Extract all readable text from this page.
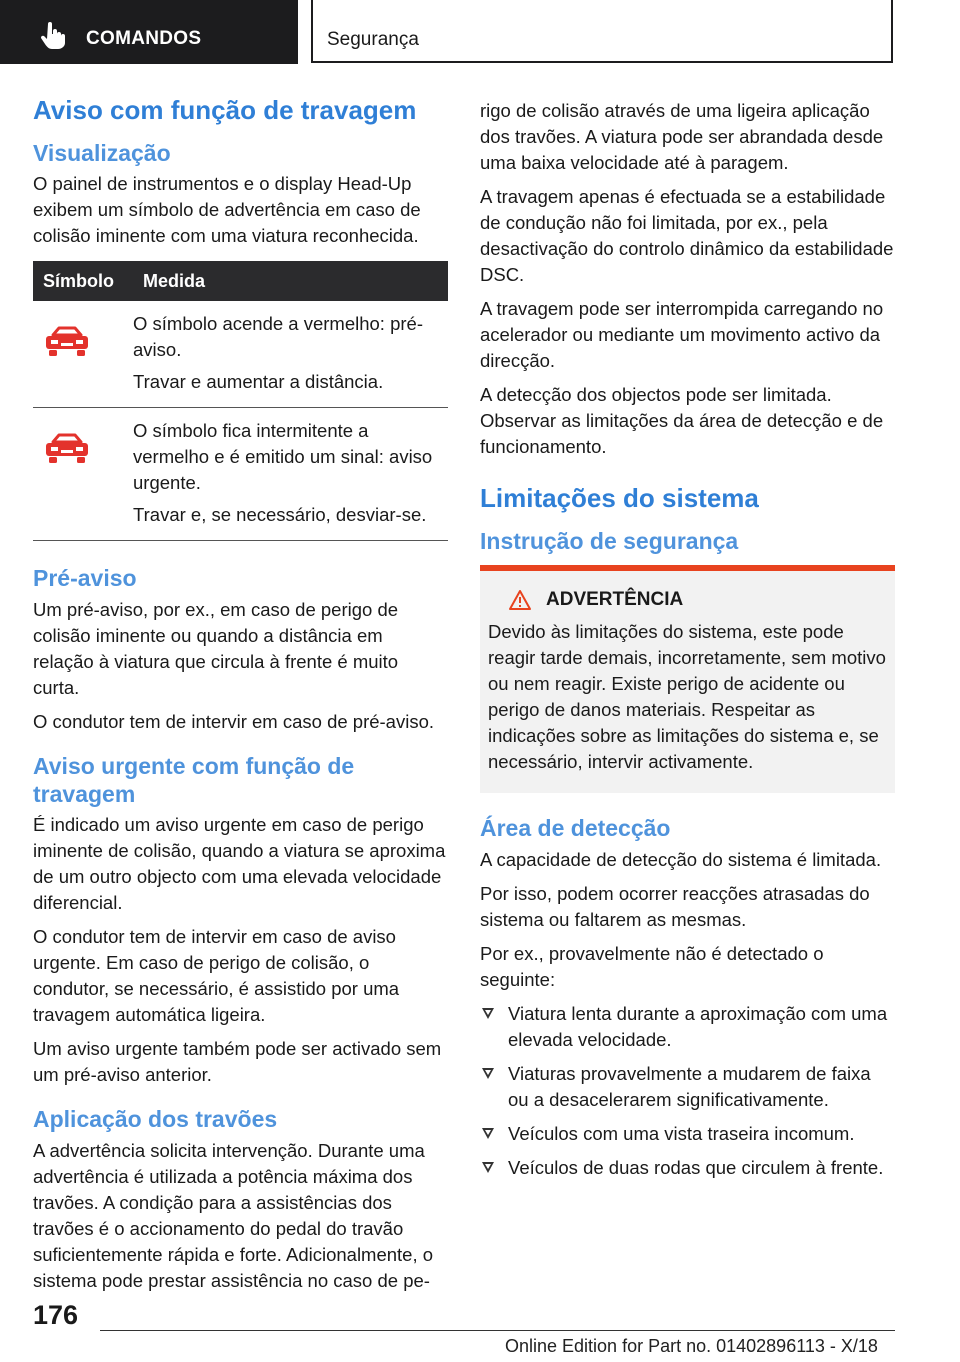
COMANDOS	Segurança
Aviso com função de travagem
Visualização

O painel de instrumentos e o display Head-Up exibem um símbolo de advertência em caso de colisão iminente com uma viatura reconhecida.

Símbolo	Medida

O símbolo acende a vermelho: pré-aviso.

Travar e aumentar a distância.

O símbolo fica intermitente a vermelho e é emitido um sinal: aviso urgente.

Travar e, se necessário, desviar-se.

Pré-aviso

Um pré-aviso, por ex., em caso de perigo de colisão iminente ou quando a distância em relação à viatura que circula à frente é muito curta.

O condutor tem de intervir em caso de pré-aviso.

Aviso urgente com função de travagem

É indicado um aviso urgente em caso de perigo iminente de colisão, quando a viatura se aproxima de um outro objecto com uma elevada velocidade diferencial.

O condutor tem de intervir em caso de aviso urgente. Em caso de perigo de colisão, o condutor, se necessário, é assistido por uma travagem automática ligeira.

Um aviso urgente também pode ser activado sem um pré-aviso anterior.

Aplicação dos travões

A advertência solicita intervenção. Durante uma advertência é utilizada a potência máxima dos travões. A condição para a assistências dos travões é o accionamento do pedal do travão suficientemente rápida e forte. Adicionalmente, o sistema pode prestar assistência no caso de pe-

rigo de colisão através de uma ligeira aplicação dos travões. A viatura pode ser abrandada desde uma baixa velocidade até à paragem.

A travagem apenas é efectuada se a estabilidade de condução não foi limitada, por ex., pela desactivação do controlo dinâmico da estabilidade DSC.

A travagem pode ser interrompida carregando no acelerador ou mediante um movimento activo da direcção.

A detecção dos objectos pode ser limitada. Observar as limitações da área de detecção e de funcionamento.

Limitações do sistema
Instrução de segurança
ADVERTÊNCIA

Devido às limitações do sistema, este pode reagir tarde demais, incorretamente, sem motivo ou nem reagir. Existe perigo de acidente ou perigo de danos materiais. Respeitar as indicações sobre as limitações do sistema e, se necessário, intervir activamente.

Área de detecção

A capacidade de detecção do sistema é limitada.

Por isso, podem ocorrer reacções atrasadas do sistema ou faltarem as mesmas.

Por ex., provavelmente não é detectado o seguinte:

Viatura lenta durante a aproximação com uma elevada velocidade.
Viaturas provavelmente a mudarem de faixa ou a desacelerarem significativamente.
Veículos com uma vista traseira incomum.
Veículos de duas rodas que circulem à frente.
176
Online Edition for Part no. 01402896113 - X/18
